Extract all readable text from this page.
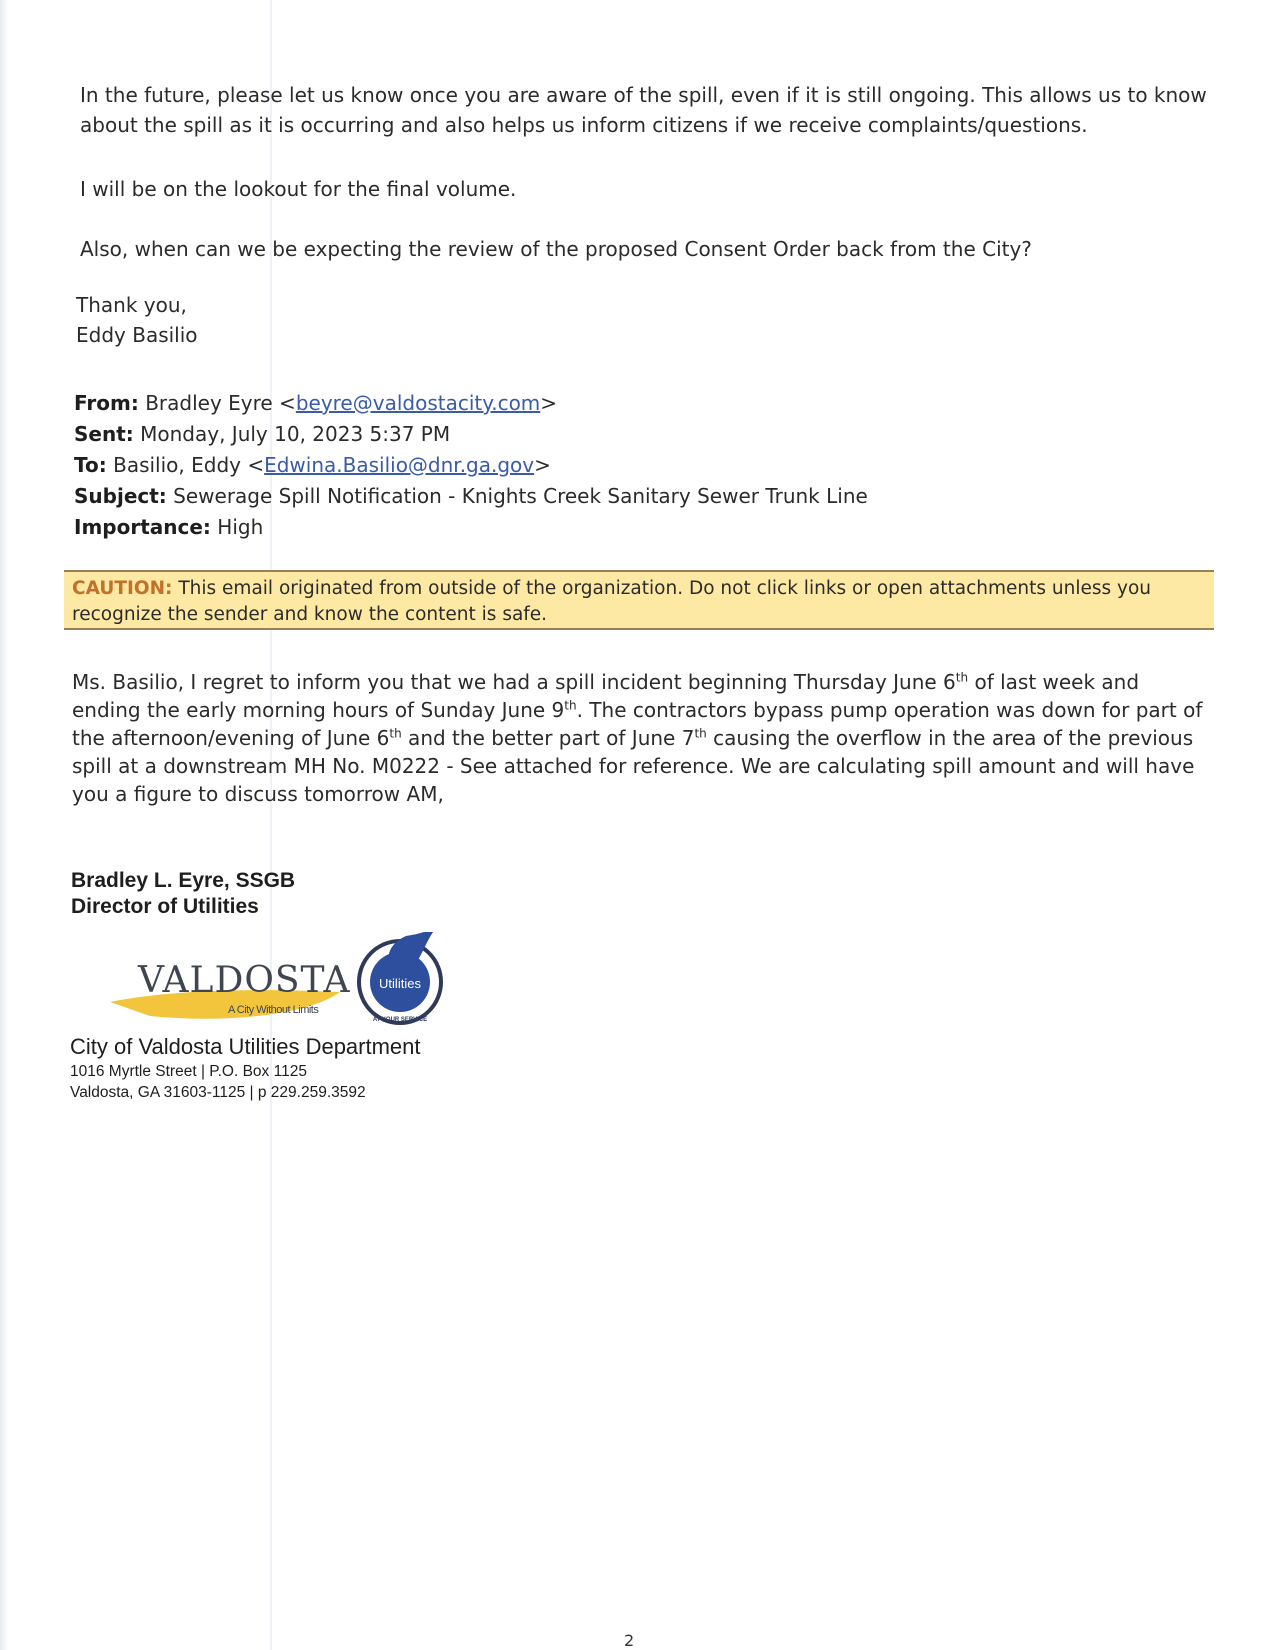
In the future, please let us know once you are aware of the spill, even if it is still ongoing. This allows us to know about the spill as it is occurring and also helps us inform citizens if we receive complaints/questions.

I will be on the lookout for the final volume.

Also, when can we be expecting the review of the proposed Consent Order back from the City?

Thank you,
Eddy Basilio
From: Bradley Eyre <beyre@valdostacity.com>
Sent: Monday, July 10, 2023 5:37 PM
To: Basilio, Eddy <Edwina.Basilio@dnr.ga.gov>
Subject: Sewerage Spill Notification - Knights Creek Sanitary Sewer Trunk Line
Importance: High
CAUTION: This email originated from outside of the organization. Do not click links or open attachments unless you recognize the sender and know the content is safe.

Ms. Basilio, I regret to inform you that we had a spill incident beginning Thursday June 6th of last week and ending the early morning hours of Sunday June 9th. The contractors bypass pump operation was down for part of the afternoon/evening of June 6th and the better part of June 7th causing the overflow in the area of the previous spill at a downstream MH No. M0222 - See attached for reference. We are calculating spill amount and will have you a figure to discuss tomorrow AM,

Bradley L. Eyre, SSGB
Director of Utilities
VALDOSTA
A City Without Limits
Utilities
AT YOUR SERVICE
City of Valdosta Utilities Department
1016 Myrtle Street | P.O. Box 1125
Valdosta, GA 31603-1125 | p 229.259.3592
2
